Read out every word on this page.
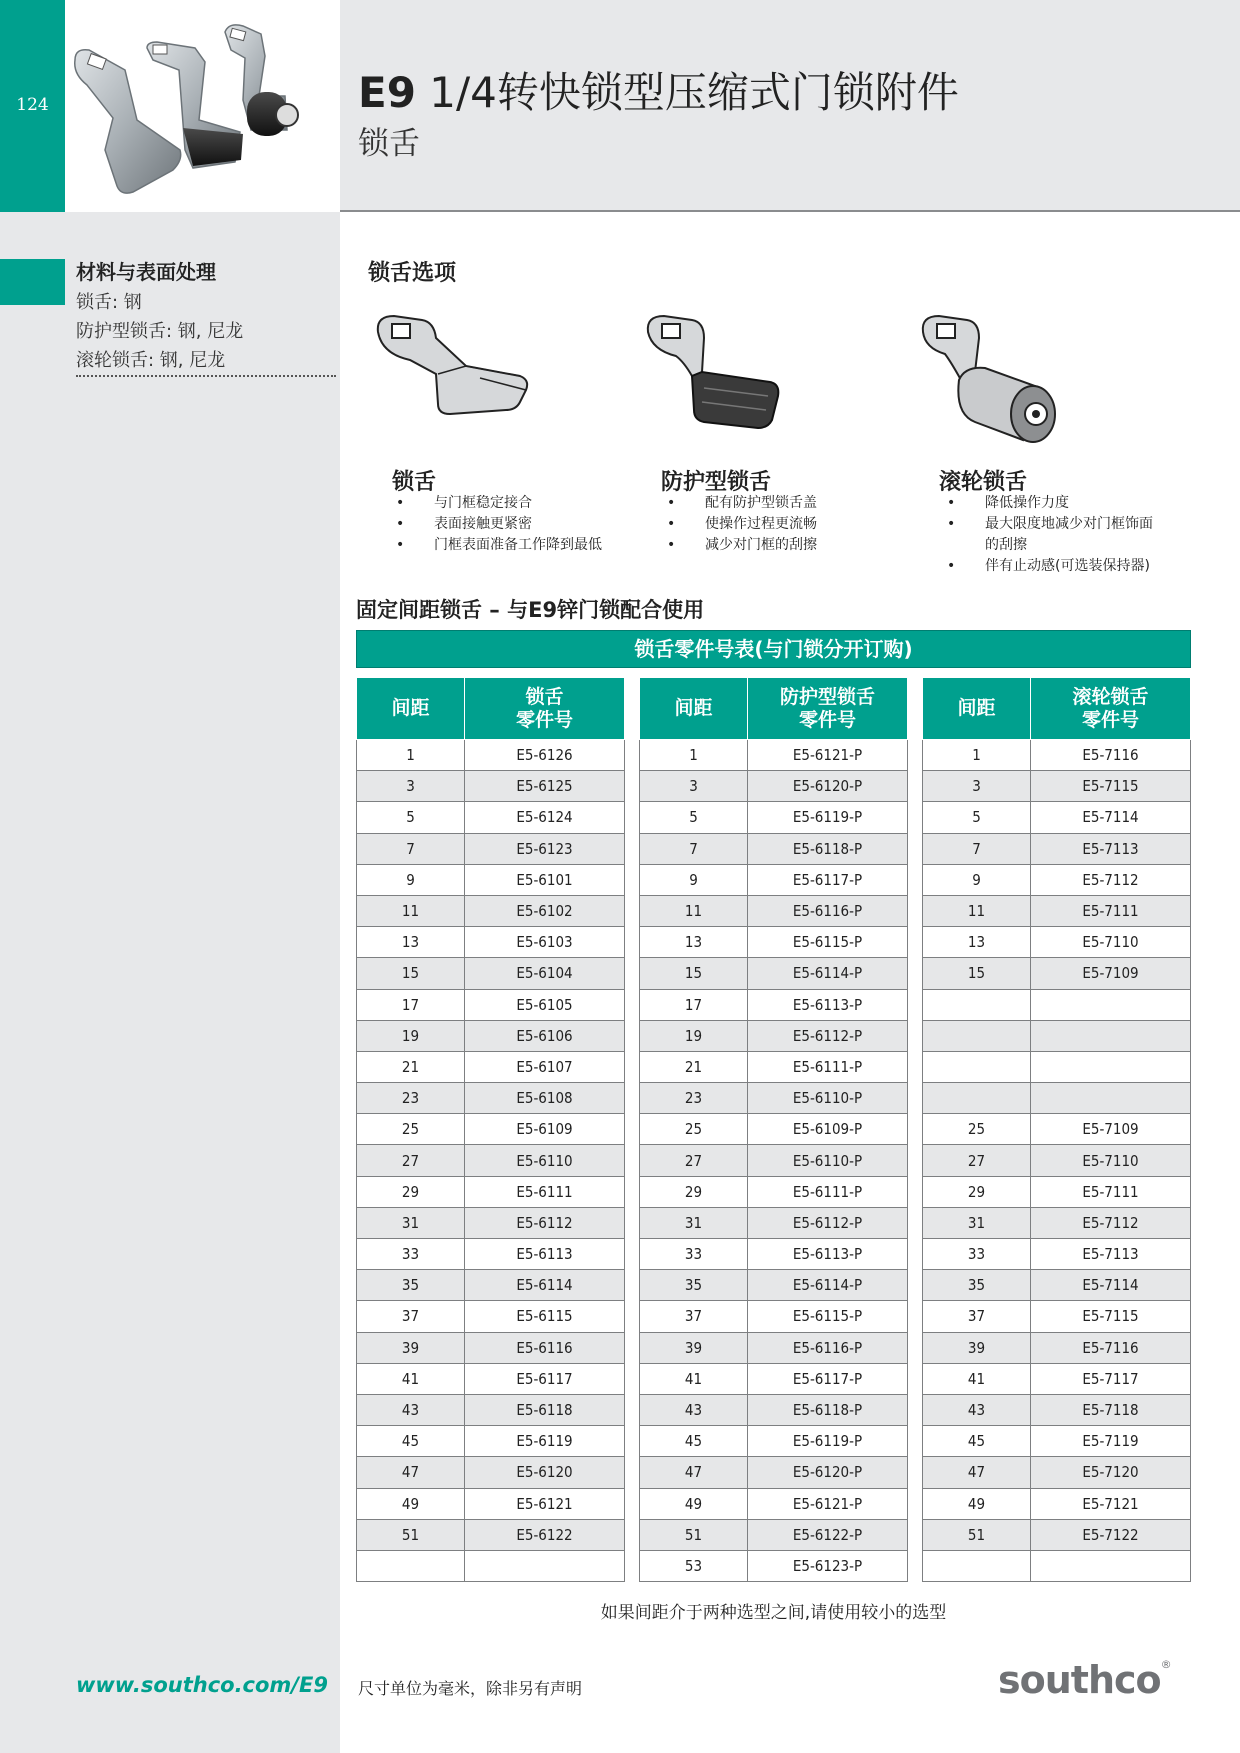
124	E9 1/4转快锁型压缩式门锁附件
锁舌
材料与表面处理
锁舌: 钢
防护型锁舌: 钢, 尼龙
滚轮锁舌: 钢, 尼龙
www.southco.com/E9
锁舌选项
锁舌	防护型锁舌	滚轮锁舌
• 与门框稳定接合
• 表面接触更紧密
• 门框表面准备工作降到最低
• 配有防护型锁舌盖
• 使操作过程更流畅
• 减少对门框的刮擦
• 降低操作力度
• 最大限度地减少对门框饰面
的刮擦
• 伴有止动感(可选装保持器)
固定间距锁舌 – 与E9锌门锁配合使用
锁舌零件号表(与门锁分开订购)
间距	锁舌
零件号
1	E5-6126
3	E5-6125
5	E5-6124
7	E5-6123
9	E5-6101
11	E5-6102
13	E5-6103
15	E5-6104
17	E5-6105
19	E5-6106
21	E5-6107
23	E5-6108
25	E5-6109
27	E5-6110
29	E5-6111
31	E5-6112
33	E5-6113
35	E5-6114
37	E5-6115
39	E5-6116
41	E5-6117
43	E5-6118
45	E5-6119
47	E5-6120
49	E5-6121
51	E5-6122

间距	防护型锁舌
零件号
1	E5-6121-P
3	E5-6120-P
5	E5-6119-P
7	E5-6118-P
9	E5-6117-P
11	E5-6116-P
13	E5-6115-P
15	E5-6114-P
17	E5-6113-P
19	E5-6112-P
21	E5-6111-P
23	E5-6110-P
25	E5-6109-P
27	E5-6110-P
29	E5-6111-P
31	E5-6112-P
33	E5-6113-P
35	E5-6114-P
37	E5-6115-P
39	E5-6116-P
41	E5-6117-P
43	E5-6118-P
45	E5-6119-P
47	E5-6120-P
49	E5-6121-P
51	E5-6122-P
53	E5-6123-P
间距	滚轮锁舌
零件号
1	E5-7116
3	E5-7115
5	E5-7114
7	E5-7113
9	E5-7112
11	E5-7111
13	E5-7110
15	E5-7109

25	E5-7109
27	E5-7110
29	E5-7111
31	E5-7112
33	E5-7113
35	E5-7114
37	E5-7115
39	E5-7116
41	E5-7117
43	E5-7118
45	E5-7119
47	E5-7120
49	E5-7121
51	E5-7122

如果间距介于两种选型之间,请使用较小的选型
尺寸单位为毫米，除非另有声明	southco®
